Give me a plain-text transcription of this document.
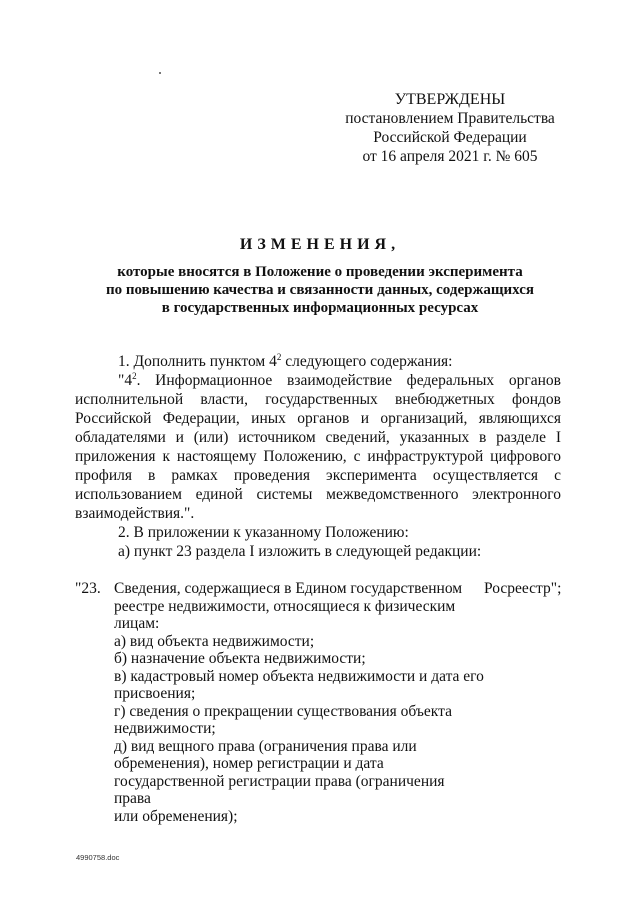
УТВЕРЖДЕНЫ
постановлением Правительства
Российской Федерации
от 16 апреля 2021 г. № 605
ИЗМЕНЕНИЯ,
которые вносятся в Положение о проведении эксперимента
по повышению качества и связанности данных, содержащихся
в государственных информационных ресурсах

1. Дополнить пунктом $4^2$ следующего содержания:

"$4^2$. Информационное взаимодействие федеральных органов исполнительной власти, государственных внебюджетных фондов Российской Федерации, иных органов и организаций, являющихся обладателями и (или) источником сведений, указанных в разделе I приложения к настоящему Положению, с инфраструктурой цифрового профиля в рамках проведения эксперимента осуществляется с использованием единой системы межведомственного электронного взаимодействия.".

2. В приложении к указанному Положению:

а) пункт 23 раздела I изложить в следующей редакции:

"23. Сведения, содержащиеся в Едином государственном
реестре недвижимости, относящиеся к физическим
лицам:
а) вид объекта недвижимости;
б) назначение объекта недвижимости;
в) кадастровый номер объекта недвижимости и дата его
присвоения;
г) сведения о прекращении существования объекта
недвижимости;
д) вид вещного права (ограничения права или
обременения), номер регистрации и дата
государственной регистрации права (ограничения права
или обременения);
Росреестр";
4990758.doc
